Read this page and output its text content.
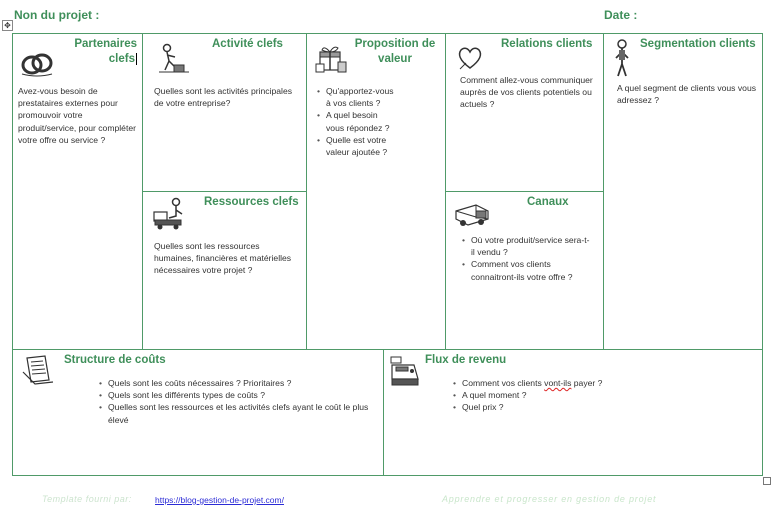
Non du projet :	Date :
✥
Partenaires
clefs
Avez-vous besoin de prestataires externes pour promouvoir votre produit/service, pour compléter votre offre ou service ?
Activité clefs
Quelles sont les activités principales de votre entreprise?
Ressources clefs
Quelles sont les ressources humaines, financières et matérielles nécessaires votre projet ?
Proposition de
valeur
• Qu'apportez-vous à vos clients ?
• A quel besoin vous répondez ?
• Quelle est votre valeur ajoutée ?
Relations clients
Comment allez-vous communiquer auprès de vos clients potentiels ou actuels ?
Canaux
• Où votre produit/service sera-t-il vendu ?
• Comment vos clients connaitront-ils votre offre ?
Segmentation clients
A quel segment de clients vous vous adressez ?
Structure de coûts
• Quels sont les coûts nécessaires ? Prioritaires ?
• Quels sont les différents types de coûts ?
• Quelles sont les ressources et les activités clefs ayant le coût le plus élevé
Flux de revenu
• Comment vos clients vont-ils payer ?
• A quel moment ?
• Quel prix ?
Template fourni par:	https://blog-gestion-de-projet.com/	Apprendre et progresser en gestion de projet
